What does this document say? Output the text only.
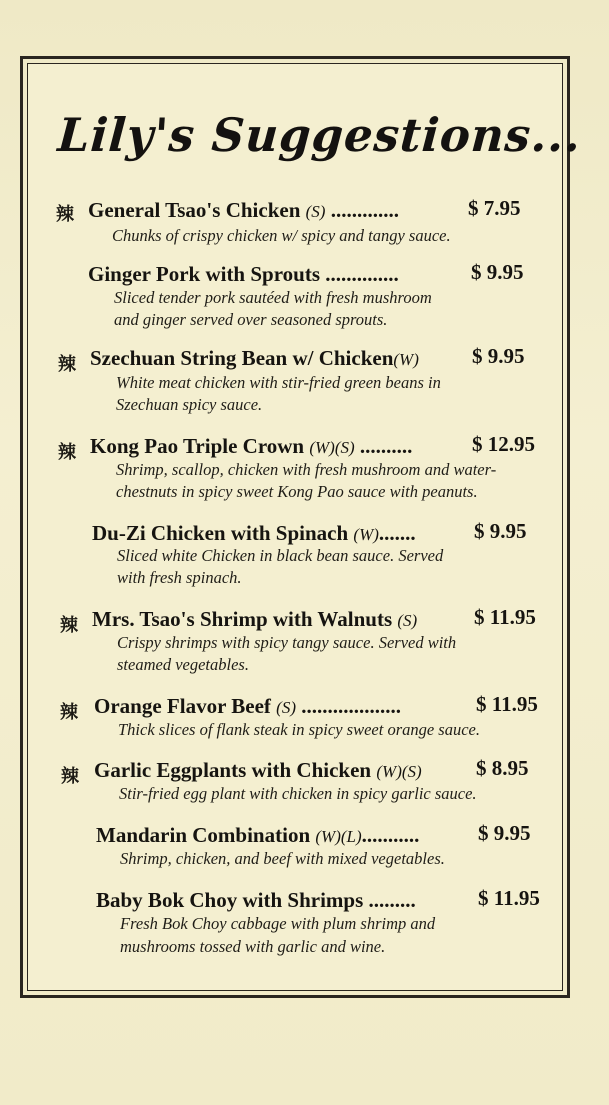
Lily's Suggestions...
辣 General Tsao's Chicken (S) .............	$ 7.95
Chunks of crispy chicken w/ spicy and tangy sauce.
Ginger Pork with Sprouts ..............	$ 9.95
Sliced tender pork sautéed with fresh mushroom
and ginger served over seasoned sprouts.
辣 Szechuan String Bean w/ Chicken(W)	$ 9.95
White meat chicken with stir-fried green beans in
Szechuan spicy sauce.
辣 Kong Pao Triple Crown (W)(S) ..........	$ 12.95
Shrimp, scallop, chicken with fresh mushroom and water-
chestnuts in spicy sweet Kong Pao sauce with peanuts.
Du-Zi Chicken with Spinach (W).......	$ 9.95
Sliced white Chicken in black bean sauce. Served
with fresh spinach.
辣 Mrs. Tsao's Shrimp with Walnuts (S)	$ 11.95
Crispy shrimps with spicy tangy sauce. Served with
steamed vegetables.
辣 Orange Flavor Beef (S) ...................	$ 11.95
Thick slices of flank steak in spicy sweet orange sauce.
辣 Garlic Eggplants with Chicken (W)(S)	$ 8.95
Stir-fried egg plant with chicken in spicy garlic sauce.
Mandarin Combination (W)(L)...........	$ 9.95
Shrimp, chicken, and beef with mixed vegetables.
Baby Bok Choy with Shrimps .........	$ 11.95
Fresh Bok Choy cabbage with plum shrimp and
mushrooms tossed with garlic and wine.
